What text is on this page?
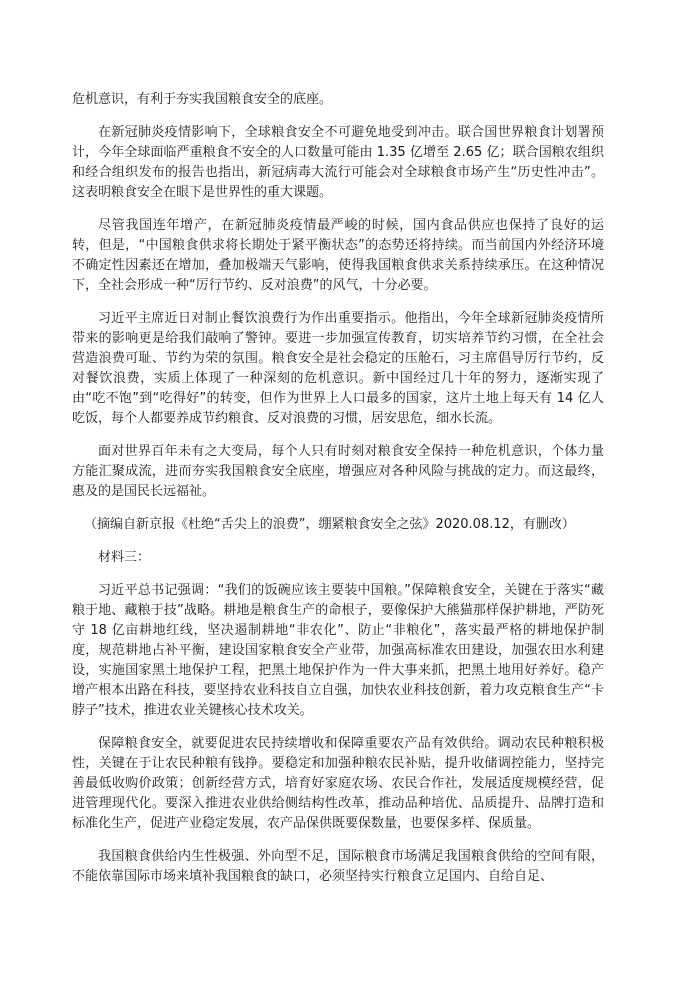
危机意识，有利于夯实我国粮食安全的底座。

在新冠肺炎疫情影响下，全球粮食安全不可避免地受到冲击。联合国世界粮食计划署预计，今年全球面临严重粮食不安全的人口数量可能由 1.35 亿增至 2.65 亿；联合国粮农组织和经合组织发布的报告也指出，新冠病毒大流行可能会对全球粮食市场产生“历史性冲击”。这表明粮食安全在眼下是世界性的重大课题。

尽管我国连年增产，在新冠肺炎疫情最严峻的时候，国内食品供应也保持了良好的运转，但是，“中国粮食供求将长期处于紧平衡状态”的态势还将持续。而当前国内外经济环境不确定性因素还在增加，叠加极端天气影响，使得我国粮食供求关系持续承压。在这种情况下，全社会形成一种“厉行节约、反对浪费”的风气，十分必要。

习近平主席近日对制止餐饮浪费行为作出重要指示。他指出，今年全球新冠肺炎疫情所带来的影响更是给我们敲响了警钟。要进一步加强宣传教育，切实培养节约习惯，在全社会营造浪费可耻、节约为荣的氛围。粮食安全是社会稳定的压舱石，习主席倡导厉行节约，反对餐饮浪费，实质上体现了一种深刻的危机意识。新中国经过几十年的努力，逐渐实现了由“吃不饱”到“吃得好”的转变，但作为世界上人口最多的国家，这片土地上每天有 14 亿人吃饭，每个人都要养成节约粮食、反对浪费的习惯，居安思危，细水长流。

面对世界百年未有之大变局，每个人只有时刻对粮食安全保持一种危机意识，个体力量方能汇聚成流，进而夯实我国粮食安全底座，增强应对各种风险与挑战的定力。而这最终，惠及的是国民长远福祉。

（摘编自新京报《杜绝“舌尖上的浪费”，绷紧粮食安全之弦》2020.08.12，有删改）

材料三：

习近平总书记强调：“我们的饭碗应该主要装中国粮。”保障粮食安全，关键在于落实“藏粮于地、藏粮于技”战略。耕地是粮食生产的命根子，要像保护大熊猫那样保护耕地，严防死守 18 亿亩耕地红线，坚决遏制耕地“非农化”、防止“非粮化”，落实最严格的耕地保护制度，规范耕地占补平衡，建设国家粮食安全产业带，加强高标准农田建设，加强农田水利建设，实施国家黑土地保护工程，把黑土地保护作为一件大事来抓，把黑土地用好养好。稳产增产根本出路在科技，要坚持农业科技自立自强，加快农业科技创新，着力攻克粮食生产“卡脖子”技术，推进农业关键核心技术攻关。

保障粮食安全，就要促进农民持续增收和保障重要农产品有效供给。调动农民种粮积极性，关键在于让农民种粮有钱挣。要稳定和加强种粮农民补贴，提升收储调控能力，坚持完善最低收购价政策；创新经营方式，培育好家庭农场、农民合作社，发展适度规模经营，促进管理现代化。要深入推进农业供给侧结构性改革，推动品种培优、品质提升、品牌打造和标准化生产，促进产业稳定发展，农产品保供既要保数量，也要保多样、保质量。

我国粮食供给内生性极强、外向型不足，国际粮食市场满足我国粮食供给的空间有限，不能依靠国际市场来填补我国粮食的缺口，必须坚持实行粮食立足国内、自给自足、
